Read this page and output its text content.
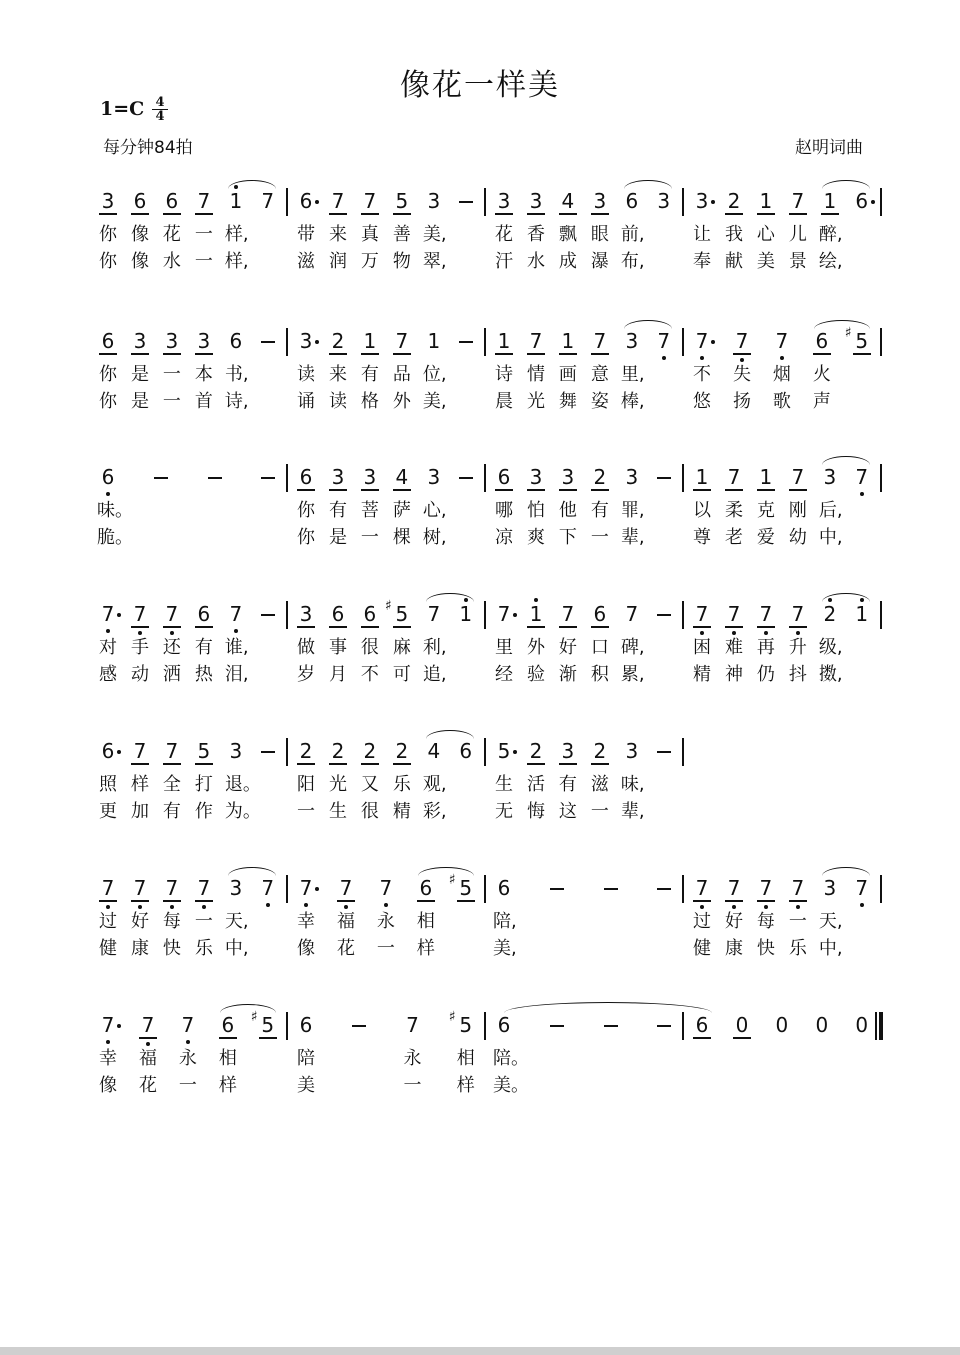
像花一样美
1=C 4
4
每分钟84拍	赵明词曲
3
你
你
6
像
像
6
花
水
7
一
一
1
样,
样,
7 6
带
滋
7
来
润
7
真
万
5
善
物
3
美,
翠,
3
花
汗
3
香
水
4
飘
成
3
眼
瀑
6
前,
布,
3 3
让
奉
2
我
献
1
心
美
7
儿
景
1
醉,
绘,
6
6
你
你
3
是
是
3
一
一
3
本
首
6
书,
诗,
3
读
诵
2
来
读
1
有
格
7
品
外
1
位,
美,
1
诗
晨
7
情
光
1
画
舞
7
意
姿
3
里,
棒,
7 7
不
悠
7
失
扬
7
烟
歌
6
火
声
5
♯
6
味。
脆。
6
你
你
3
有
是
3
菩
一
4
萨
棵
3
心,
树,
6
哪
凉
3
怕
爽
3
他
下
2
有
一
3
罪,
辈,
1
以
尊
7
柔
老
1
克
爱
7
刚
幼
3
后,
中,
7
7
对
感
7
手
动
7
还
洒
6
有
热
7
谁,
泪,
3
做
岁
6
事
月
6
很
不
5
♯
麻
可
7
利,
追,
1 7
里
经
1
外
验
7
好
渐
6
口
积
7
碑,
累,
7
困
精
7
难
神
7
再
仍
7
升
抖
2
级,
擞,
1
6
照
更
7
样
加
7
全
有
5
打
作
3
退。
为。
2
阳
一
2
光
生
2
又
很
2
乐
精
4
观,
彩,
6 5
生
无
2
活
悔
3
有
这
2
滋
一
3
味,
辈,
7
过
健
7
好
康
7
每
快
7
一
乐
3
天,
中,
7 7
幸
像
7
福
花
7
永
一
6
相
样
5
♯ 6
陪,
美,
7
过
健
7
好
康
7
每
快
7
一
乐
3
天,
中,
7
7
幸
像
7
福
花
7
永
一
6
相
样
5
♯ 6
陪
美
7
永
一
5
♯
相
样
6
陪。
美。
6 0 0 0 0
